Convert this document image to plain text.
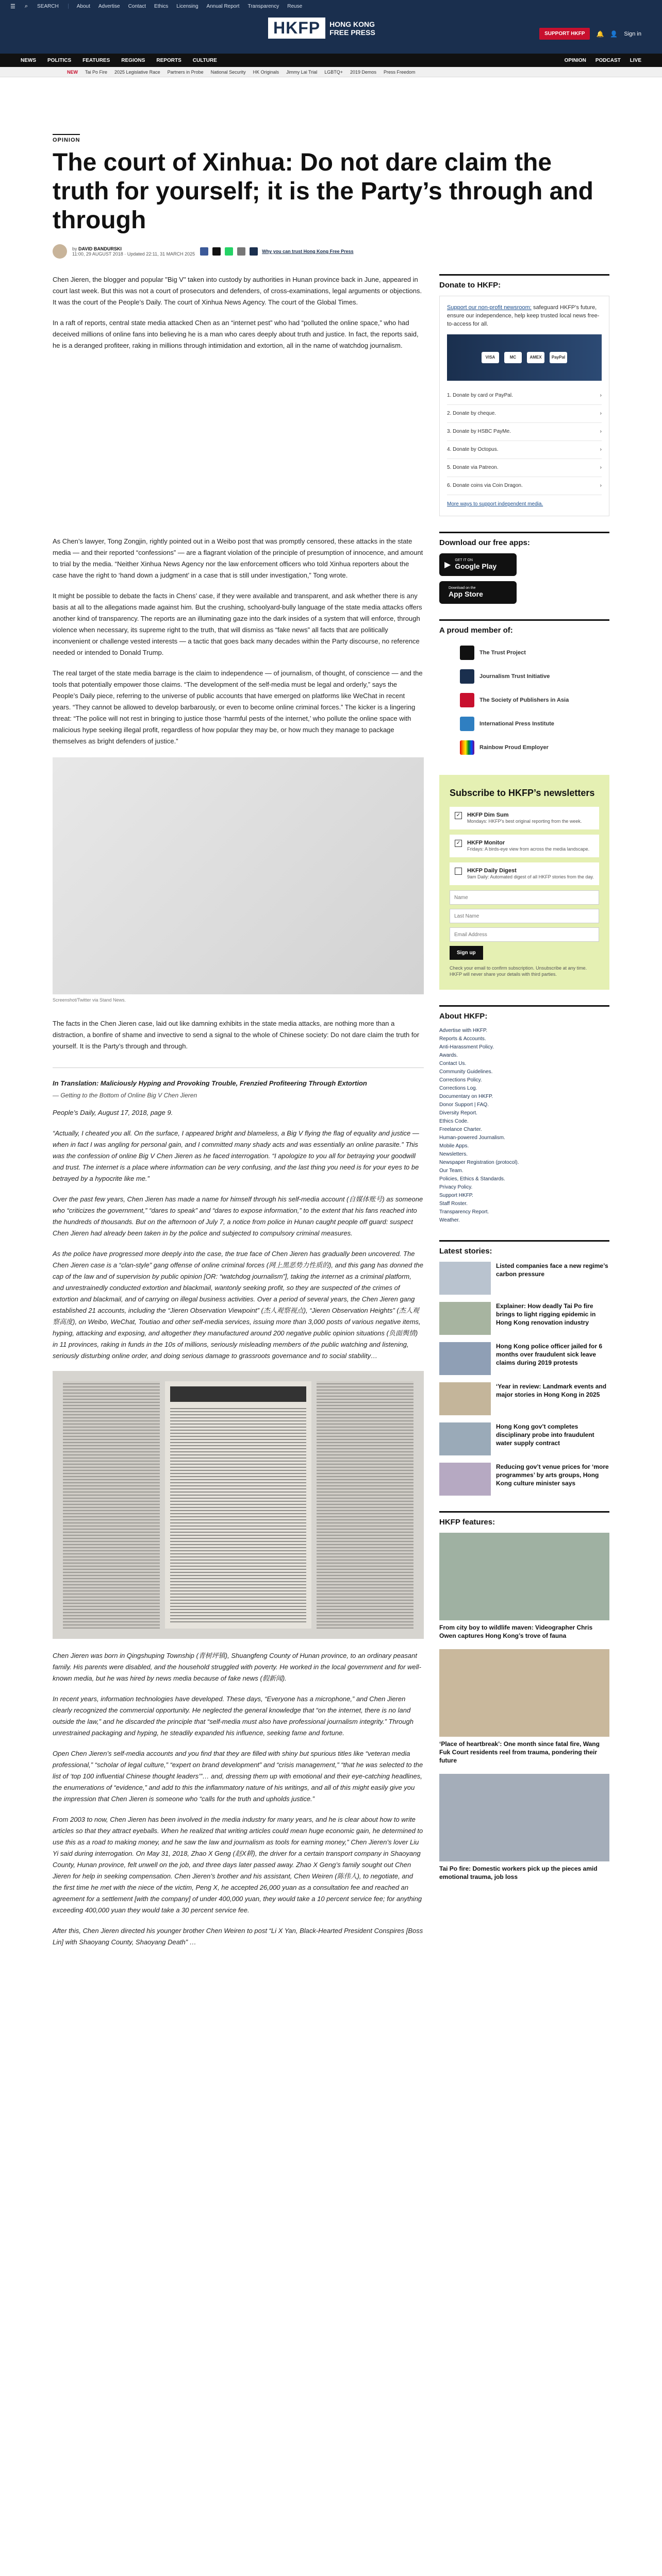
☰ ⌕ SEARCH	About Advertise Contact Ethics Licensing Annual Report Transparency Reuse
HKFP	HONG KONG
FREE PRESS	SUPPORT HKFP	🔔 👤 Sign in
NEWS POLITICS FEATURES REGIONS REPORTS CULTURE	OPINION PODCAST LIVE
NEW Tai Po Fire 2025 Legislative Race Partners in Probe National Security HK Originals Jimmy Lai Trial LGBTQ+ 2019 Demos Press Freedom
OPINION
The court of Xinhua: Do not dare claim the truth for yourself; it is the Party’s through and through
by DAVID BANDURSKI
11:00, 29 AUGUST 2018 · Updated 22:11, 31 MARCH 2025	Why you can trust Hong Kong Free Press

Chen Jieren, the blogger and popular "Big V" taken into custody by authorities in Hunan province back in June, appeared in court last week. But this was not a court of prosecutors and defenders, of cross-examinations, legal arguments or objections. It was the court of the People’s Daily. The court of Xinhua News Agency. The court of the Global Times.

In a raft of reports, central state media attacked Chen as an “internet pest” who had “polluted the online space,” who had deceived millions of online fans into believing he is a man who cares deeply about truth and justice. In fact, the reports said, he is a deranged profiteer, raking in millions through intimidation and extortion, all in the name of watchdog journalism.

As Chen’s lawyer, Tong Zongjin, rightly pointed out in a Weibo post that was promptly censored, these attacks in the state media — and their reported “confessions” — are a flagrant violation of the principle of presumption of innocence, and amount to trial by the media. “Neither Xinhua News Agency nor the law enforcement officers who told Xinhua reporters about the case have the right to ‘hand down a judgment’ in a case that is still under investigation,” Tong wrote.

It might be possible to debate the facts in Chens’ case, if they were available and transparent, and ask whether there is any basis at all to the allegations made against him. But the crushing, schoolyard-bully language of the state media attacks offers another kind of transparency. The reports are an illuminating gaze into the dark insides of a system that will enforce, through violence when necessary, its supreme right to the truth, that will dismiss as “fake news” all facts that are politically inconvenient or challenge vested interests — a tactic that goes back many decades within the Party discourse, no reference needed or intended to Donald Trump.

The real target of the state media barrage is the claim to independence — of journalism, of thought, of conscience — and the tools that potentially empower those claims. “The development of the self-media must be legal and orderly,” says the People’s Daily piece, referring to the universe of public accounts that have emerged on platforms like WeChat in recent years. “They cannot be allowed to develop barbarously, or even to become online criminal forces.” The kicker is a lingering threat: “The police will not rest in bringing to justice those ‘harmful pests of the internet,’ who pollute the online space with malicious hype seeking illegal profit, regardless of how popular they may be, or how much they manage to package themselves as bright defenders of justice.”

Screenshot/Twitter via Stand News.

The facts in the Chen Jieren case, laid out like damning exhibits in the state media attacks, are nothing more than a distraction, a bonfire of shame and invective to send a signal to the whole of Chinese society: Do not dare claim the truth for yourself. It is the Party’s through and through.

In Translation: Maliciously Hyping and Provoking Trouble, Frenzied Profiteering Through Extortion
— Getting to the Bottom of Online Big V Chen Jieren

People’s Daily, August 17, 2018, page 9.

“Actually, I cheated you all. On the surface, I appeared bright and blameless, a Big V flying the flag of equality and justice — when in fact I was angling for personal gain, and I committed many shady acts and was essentially an online parasite.” This was the confession of online Big V Chen Jieren as he faced interrogation. “I apologize to you all for betraying your goodwill and trust. The internet is a place where information can be very confusing, and the last thing you need is for your eyes to be betrayed by a hypocrite like me.”

Over the past few years, Chen Jieren has made a name for himself through his self-media account (自媒体账号) as someone who “criticizes the government,” “dares to speak” and “dares to expose information,” to the extent that his fans reached into the hundreds of thousands. But on the afternoon of July 7, a notice from police in Hunan caught people off guard: suspect Chen Jieren had already been taken in by the police and subjected to compulsory criminal measures.

As the police have progressed more deeply into the case, the true face of Chen Jieren has gradually been uncovered. The Chen Jieren case is a “clan-style” gang offense of online criminal forces (网上黑恶势力性质的), and this gang has donned the cap of the law and of supervision by public opinion [OR: “watchdog journalism”], taking the internet as a criminal platform, and unrestrainedly conducted extortion and blackmail, wantonly seeking profit, so they are suspected of the crimes of extortion and blackmail, and of carrying on illegal business activities. Over a period of several years, the Chen Jieren gang established 21 accounts, including the “Jieren Observation Viewpoint” (杰人观察视点), “Jieren Observation Heights” (杰人观察高度), on Weibo, WeChat, Toutiao and other self-media services, issuing more than 3,000 posts of various negative items, hyping, attacking and exposing, and altogether they manufactured around 200 negative public opinion situations (负面舆情) in 11 provinces, raking in funds in the 10s of millions, seriously misleading members of the public watching and listening, seriously disturbing online order, and doing serious damage to grassroots governance and to social stability…

Chen Jieren was born in Qingshuping Township (青树坪镇), Shuangfeng County of Hunan province, to an ordinary peasant family. His parents were disabled, and the household struggled with poverty. He worked in the local government and for well-known media, but he was hired by news media because of fake news (假新闻).

In recent years, information technologies have developed. These days, “Everyone has a microphone,” and Chen Jieren clearly recognized the commercial opportunity. He neglected the general knowledge that “on the internet, there is no land outside the law,” and he discarded the principle that “self-media must also have professional journalism integrity.” Through unrestrained packaging and hyping, he steadily expanded his influence, seeking fame and fortune.

Open Chen Jieren’s self-media accounts and you find that they are filled with shiny but spurious titles like “veteran media professional,” “scholar of legal culture,” “expert on brand development” and “crisis management,” “that he was selected to the list of ‘top 100 influential Chinese thought leaders’”… and, dressing them up with emotional and their eye-catching headlines, the enumerations of “evidence,” and add to this the inflammatory nature of his writings, and all of this might easily give you the impression that Chen Jieren is someone who “calls for the truth and upholds justice.”

From 2003 to now, Chen Jieren has been involved in the media industry for many years, and he is clear about how to write articles so that they attract eyeballs. When he realized that writing articles could mean huge economic gain, he determined to use this as a road to making money, and he saw the law and journalism as tools for earning money,” Chen Jieren’s lover Liu Yi said during interrogation. On May 31, 2018, Zhao X Geng (赵X耕), the driver for a certain transport company in Shaoyang County, Hunan province, felt unwell on the job, and three days later passed away. Zhao X Geng’s family sought out Chen Jieren for help in seeking compensation. Chen Jieren’s brother and his assistant, Chen Weiren (陈伟人), to negotiate, and the first time he met with the niece of the victim, Peng X, he accepted 26,000 yuan as a consultation fee and reached an agreement for a settlement [with the company] of under 400,000 yuan, they would take a 10 percent service fee; for anything exceeding 400,000 yuan they would take a 30 percent service fee.

After this, Chen Jieren directed his younger brother Chen Weiren to post “Li X Yan, Black-Hearted President Conspires [Boss Lin] with Shaoyang County, Shaoyang Death” …

Donate to HKFP:
Support our non-profit newsroom: safeguard HKFP’s future, ensure our independence, help keep trusted local news free-to-access for all.
VISA	MC	AMEX	PayPal
1. Donate by card or PayPal.	›
2. Donate by cheque.	›
3. Donate by HSBC PayMe.	›
4. Donate by Octopus.	›
5. Donate via Patreon.	›
6. Donate coins via Coin Dragon.	›
More ways to support independent media.
Download our free apps:
▶
GET IT ON
Google Play
Download on the
App Store
A proud member of:
The Trust Project
Journalism Trust Initiative
The Society of Publishers in Asia
International Press Institute
Rainbow Proud Employer
Subscribe to HKFP’s newsletters
✓ HKFP Dim Sum
Mondays: HKFP’s best original reporting from the week.
✓ HKFP Monitor
Fridays: A birds-eye view from across the media landscape.
HKFP Daily Digest
9am Daily: Automated digest of all HKFP stories from the day.
Name Last Name Email Address Sign up
Check your email to confirm subscription. Unsubscribe at any time. HKFP will never share your details with third parties.
About HKFP:
Advertise with HKFP.
Reports & Accounts.
Anti-Harassment Policy.
Awards.
Contact Us.
Community Guidelines.
Corrections Policy.
Corrections Log.
Documentary on HKFP.
Donor Support | FAQ.
Diversity Report.
Ethics Code.
Freelance Charter.
Human-powered Journalism.
Mobile Apps.
Newsletters.
Newspaper Registration (protocol).
Our Team.
Policies, Ethics & Standards.
Privacy Policy.
Support HKFP.
Staff Roster.
Transparency Report.
Weather.
Latest stories:
Listed companies face a new regime’s carbon pressure
Explainer: How deadly Tai Po fire brings to light rigging epidemic in Hong Kong renovation industry
Hong Kong police officer jailed for 6 months over fraudulent sick leave claims during 2019 protests
‘Year in review: Landmark events and major stories in Hong Kong in 2025
Hong Kong gov’t completes disciplinary probe into fraudulent water supply contract
Reducing gov’t venue prices for ‘more programmes’ by arts groups, Hong Kong culture minister says
HKFP features:
From city boy to wildlife maven: Videographer Chris Owen captures Hong Kong’s trove of fauna
‘Place of heartbreak’: One month since fatal fire, Wang Fuk Court residents reel from trauma, pondering their future
Tai Po fire: Domestic workers pick up the pieces amid emotional trauma, job loss
